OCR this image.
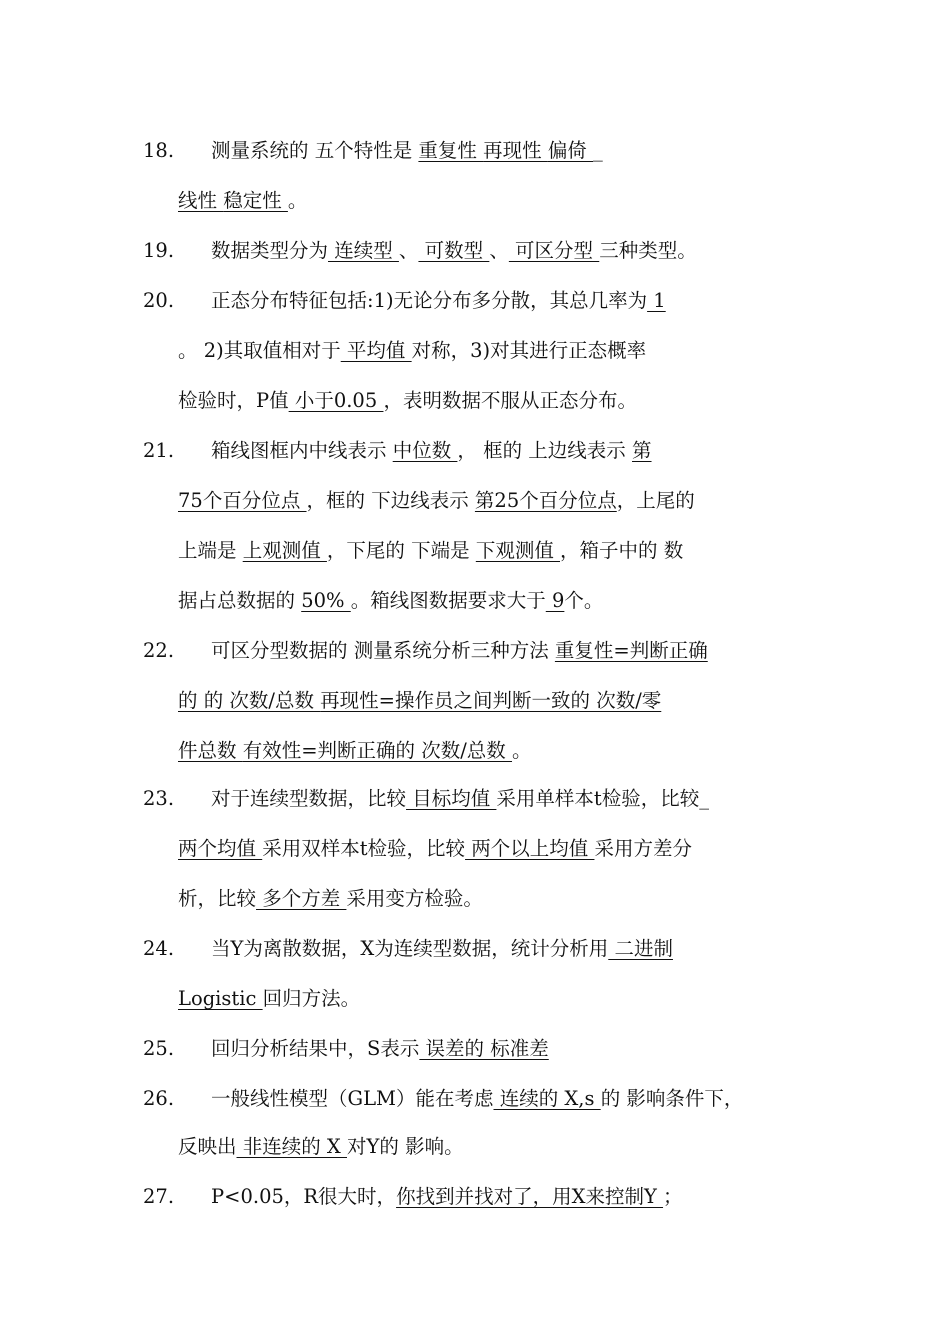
18. 测量系统的 五个特性是 重复性 再现性 偏倚 _
线性 稳定性 。
19. 数据类型分为 连续型 、 可数型 、 可区分型 三种类型。
20. 正态分布特征包括:1)无论分布多分散，其总几率为 1
。 2)其取值相对于 平均值 对称，3)对其进行正态概率
检验时，P值 小于0.05 ，表明数据不服从正态分布。
21. 箱线图框内中线表示 中位数 ， 框的 上边线表示 第
75个百分位点 ，框的 下边线表示 第25个百分位点，上尾的
上端是 上观测值 ，下尾的 下端是 下观测值 ，箱子中的 数
据占总数据的 50% 。箱线图数据要求大于 9个。
22. 可区分型数据的 测量系统分析三种方法 重复性=判断正确
的 的 次数/总数 再现性=操作员之间判断一致的 次数/零
件总数 有效性=判断正确的 次数/总数 。
23. 对于连续型数据，比较 目标均值 采用单样本t检验，比较_
两个均值 采用双样本t检验，比较 两个以上均值 采用方差分
析，比较 多个方差 采用变方检验。
24. 当Y为离散数据，X为连续型数据，统计分析用 二进制
Logistic 回归方法。
25. 回归分析结果中，S表示 误差的 标准差
26. 一般线性模型（GLM）能在考虑 连续的 X,s 的 影响条件下，
反映出 非连续的 X 对Y的 影响。
27. P<0.05，R很大时，你找到并找对了，用X来控制Y ；
